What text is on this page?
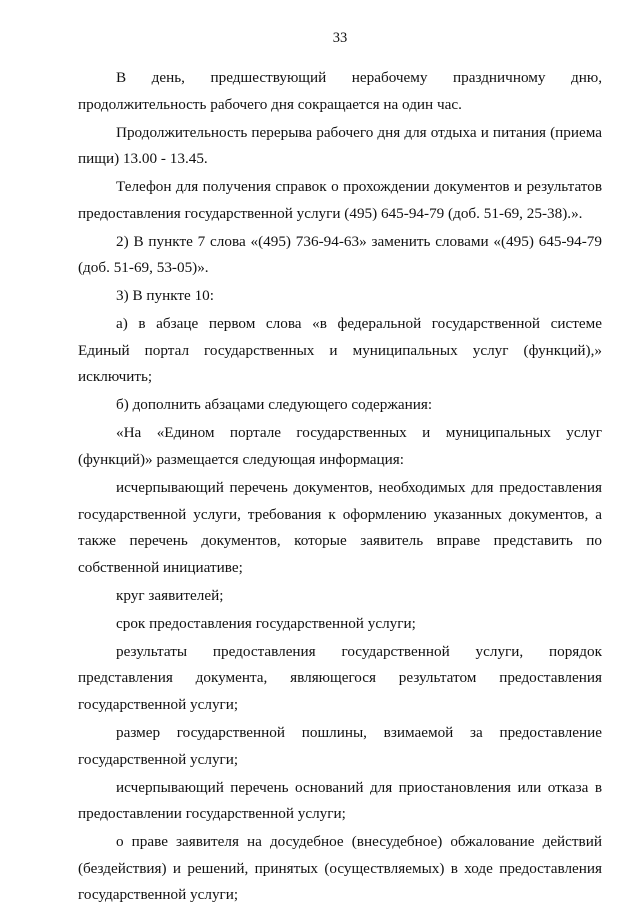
33

В день, предшествующий нерабочему праздничному дню, продолжительность рабочего дня сокращается на один час.

Продолжительность перерыва рабочего дня для отдыха и питания (приема пищи) 13.00 - 13.45.

Телефон для получения справок о прохождении документов и результатов предоставления государственной услуги (495) 645-94-79 (доб. 51-69, 25-38).».

2) В пункте 7 слова «(495) 736-94-63» заменить словами «(495) 645-94-79 (доб. 51-69, 53-05)».

3) В пункте 10:

а) в абзаце первом слова «в федеральной государственной системе Единый портал государственных и муниципальных услуг (функций),» исключить;

б) дополнить абзацами следующего содержания:

«На «Едином портале государственных и муниципальных услуг (функций)» размещается следующая информация:

исчерпывающий перечень документов, необходимых для предоставления государственной услуги, требования к оформлению указанных документов, а также перечень документов, которые заявитель вправе представить по собственной инициативе;

круг заявителей;

срок предоставления государственной услуги;

результаты предоставления государственной услуги, порядок представления документа, являющегося результатом предоставления государственной услуги;

размер государственной пошлины, взимаемой за предоставление государственной услуги;

исчерпывающий перечень оснований для приостановления или отказа в предоставлении государственной услуги;

о праве заявителя на досудебное (внесудебное) обжалование действий (бездействия) и решений, принятых (осуществляемых) в ходе предоставления государственной услуги;
